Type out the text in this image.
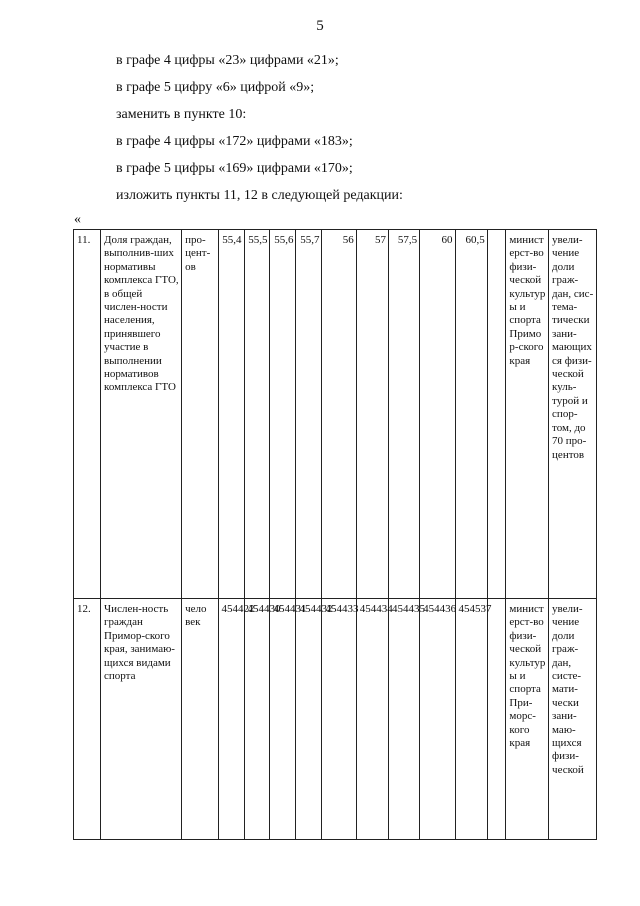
5
в графе 4 цифры «23» цифрами «21»;
в графе 5 цифру «6» цифрой «9»;
заменить в пункте 10:
в графе 4 цифры «172» цифрами «183»;
в графе 5 цифры «169» цифрами «170»;
изложить пункты 11, 12 в следующей редакции:
«
11.	Доля граждан, выполнив-ших нормативы комплекса ГТО, в общей числен-ности населения, принявшего участие в выполнении нормативов комплекса ГТО	про-цент-ов	55,4	55,5	55,6	55,7	56	57	57,5	60	60,5		министерст-во физи-ческой культуры и спорта Примор-ского края	увели-чение доли граж-дан, сис-тема-тически зани-мающихся физи-ческой куль-турой и спор-том, до 70 про-центов

12.	Числен-ность граждан Примор-ского края, занимаю-щихся видами спорта	чело век	454422	454430	454431	454432	454433	454434	454435	454436	454537		министерст-во физи-ческой культуры и спорта При-морс-кого края	увели-чение доли граж-дан, систе-мати-чески зани-маю-щихся физи-ческой
